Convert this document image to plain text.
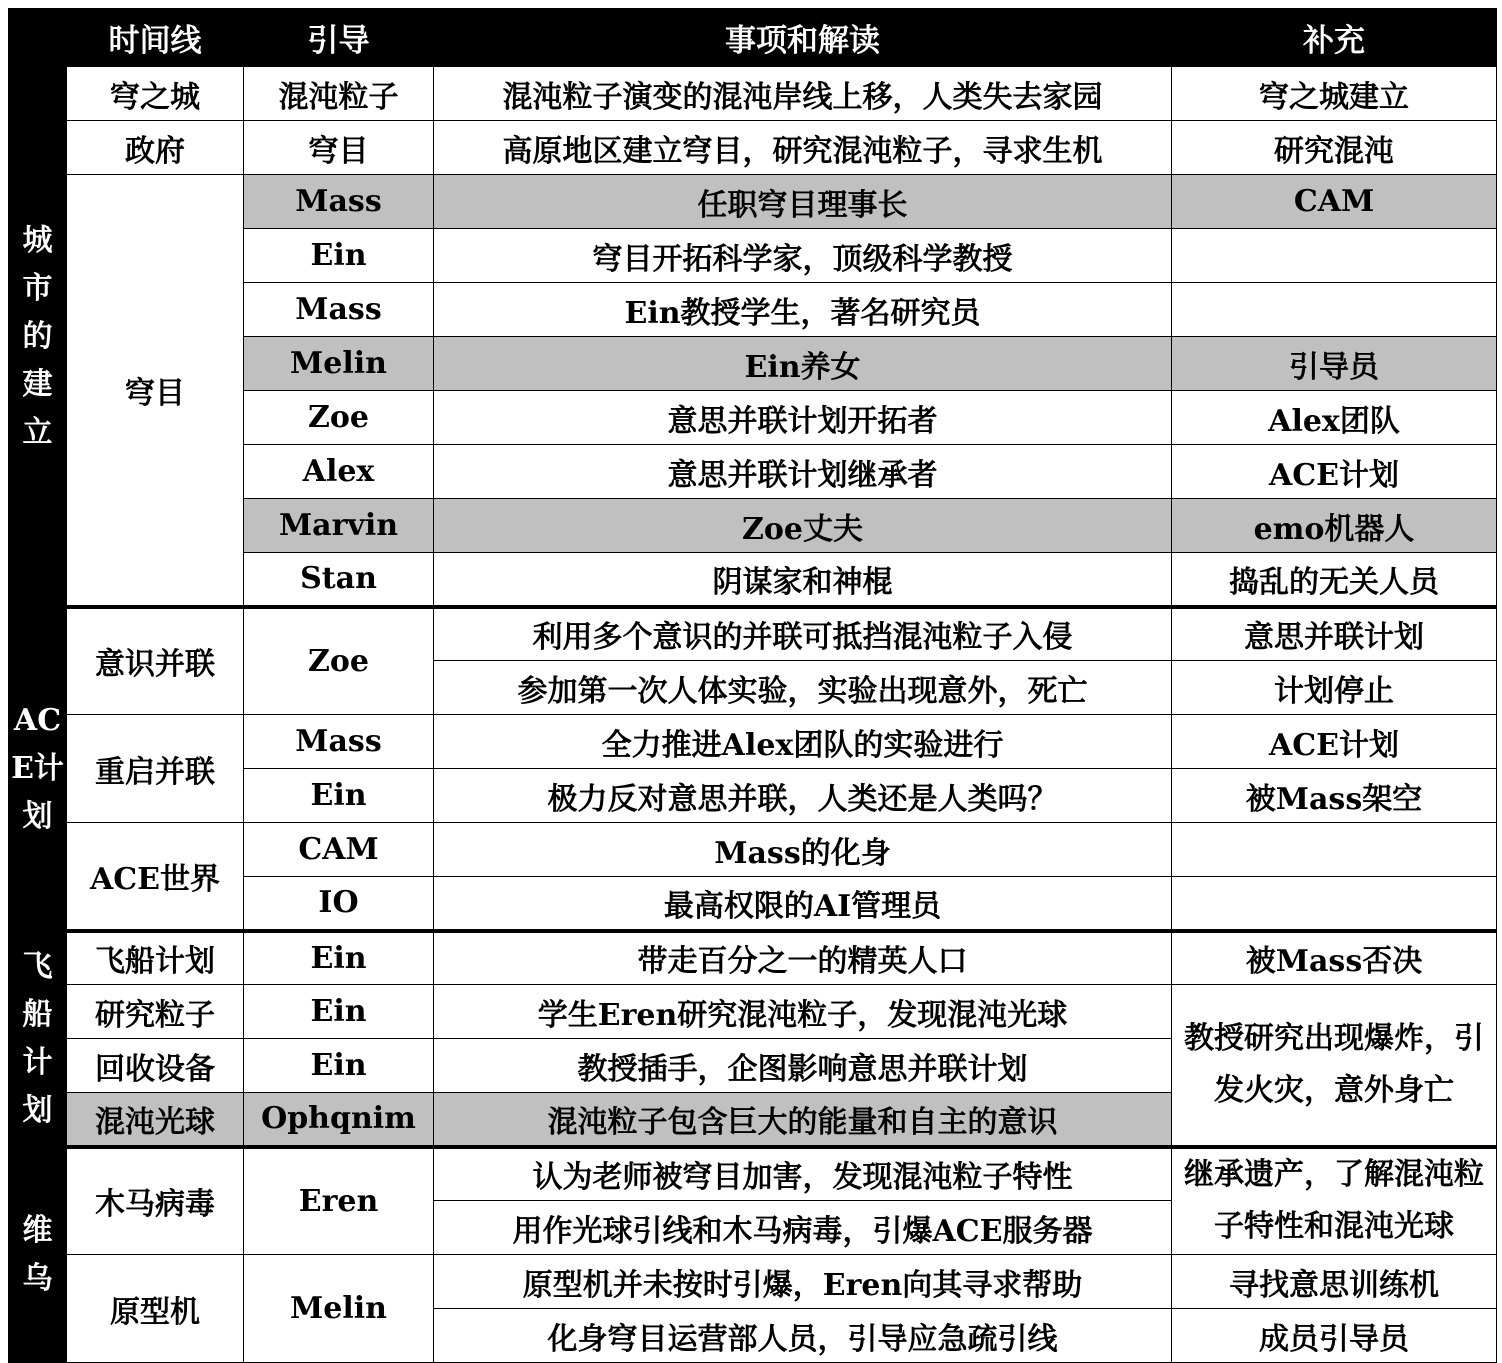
	时间线	引导	事项和解读	补充
城市的建立	穹之城	混沌粒子	混沌粒子演变的混沌岸线上移，人类失去家园	穹之城建立
	政府	穹目	高原地区建立穹目，研究混沌粒子，寻求生机	研究混沌
	穹目	Mass	任职穹目理事长	CAM
		Ein	穹目开拓科学家，顶级科学教授	
		Mass	Ein教授学生，著名研究员	
		Melin	Ein养女	引导员
		Zoe	意思并联计划开拓者	Alex团队
		Alex	意思并联计划继承者	ACE计划
		Marvin	Zoe丈夫	emo机器人
		Stan	阴谋家和神棍	捣乱的无关人员
ACE计划	意识并联	Zoe	利用多个意识的并联可抵挡混沌粒子入侵	意思并联计划
			参加第一次人体实验，实验出现意外，死亡	计划停止
	重启并联	Mass	全力推进Alex团队的实验进行	ACE计划
		Ein	极力反对意思并联，人类还是人类吗？	被Mass架空
	ACE世界	CAM	Mass的化身	
		IO	最高权限的AI管理员	
飞船计划	飞船计划	Ein	带走百分之一的精英人口	被Mass否决
	研究粒子	Ein	学生Eren研究混沌粒子，发现混沌光球	教授研究出现爆炸，引发火灾，意外身亡
	回收设备	Ein	教授插手，企图影响意思并联计划	
	混沌光球	Ophqnim	混沌粒子包含巨大的能量和自主的意识	
维乌	木马病毒	Eren	认为老师被穹目加害，发现混沌粒子特性	继承遗产，了解混沌粒子特性和混沌光球
			用作光球引线和木马病毒，引爆ACE服务器	
	原型机	Melin	原型机并未按时引爆，Eren向其寻求帮助	寻找意思训练机
			化身穹目运营部人员，引导应急疏引线	成员引导员
